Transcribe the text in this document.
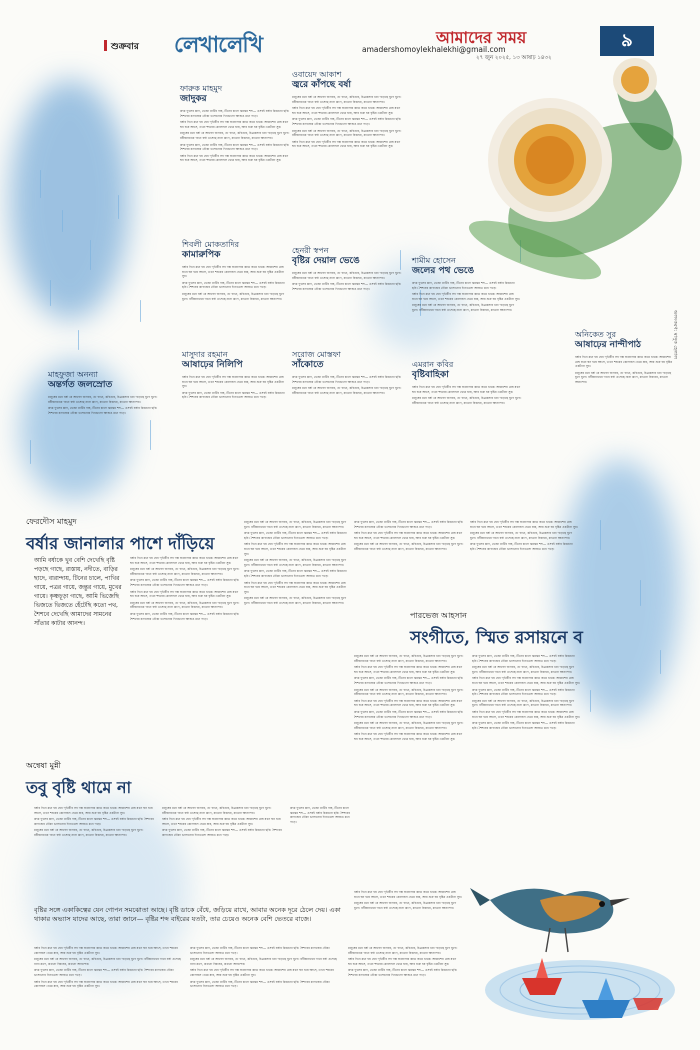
শুক্রবার লেখালেখি	আমাদের সময়
amadershomoylekhalekhi@gmail.com
২৭ জুন ২০২৫, ১৩ আষাঢ় ১৪৩২
৯
অলংকরণ: মাসুক হেলাল
ফারুক মাহমুদ
জাদুকর

কদম ফুলের ঘ্রাণ, ভেজা মাটির গন্ধ, টিনের চালে ঝমঝম শব্দ— এসবই বর্ষার চিরচেনা ছবি। শৈশবের কাগজের নৌকা ভাসানোর দিনগুলো আজও মনে পড়ে।

বর্ষার দিনে মনে হয় যেন পৃথিবীর সব গল্প জানালার কাচে জমে থাকে। আকাশের মেঘ যখন ঘন হয়ে আসে, তখন শহরের কোলাহল থেমে যায়, আর শুরু হয় বৃষ্টির একটানা সুর।

মানুষের মনে বর্ষা যে আবেগ জাগায়, তা গানে, কবিতায়, চিত্রকলায় ধরা পড়েছে যুগে যুগে। রবীন্দ্রনাথের গানে বর্ষা এসেছে নানা রূপে, কখনো বিরহের, কখনো আনন্দের।

কদম ফুলের ঘ্রাণ, ভেজা মাটির গন্ধ, টিনের চালে ঝমঝম শব্দ— এসবই বর্ষার চিরচেনা ছবি। শৈশবের কাগজের নৌকা ভাসানোর দিনগুলো আজও মনে পড়ে।

বর্ষার দিনে মনে হয় যেন পৃথিবীর সব গল্প জানালার কাচে জমে থাকে। আকাশের মেঘ যখন ঘন হয়ে আসে, তখন শহরের কোলাহল থেমে যায়, আর শুরু হয় বৃষ্টির একটানা সুর।

ওবায়েদ আকাশ
জ্বরে কাঁপছে বর্ষা

মানুষের মনে বর্ষা যে আবেগ জাগায়, তা গানে, কবিতায়, চিত্রকলায় ধরা পড়েছে যুগে যুগে। রবীন্দ্রনাথের গানে বর্ষা এসেছে নানা রূপে, কখনো বিরহের, কখনো আনন্দের।

বর্ষার দিনে মনে হয় যেন পৃথিবীর সব গল্প জানালার কাচে জমে থাকে। আকাশের মেঘ যখন ঘন হয়ে আসে, তখন শহরের কোলাহল থেমে যায়, আর শুরু হয় বৃষ্টির একটানা সুর।

কদম ফুলের ঘ্রাণ, ভেজা মাটির গন্ধ, টিনের চালে ঝমঝম শব্দ— এসবই বর্ষার চিরচেনা ছবি। শৈশবের কাগজের নৌকা ভাসানোর দিনগুলো আজও মনে পড়ে।

মানুষের মনে বর্ষা যে আবেগ জাগায়, তা গানে, কবিতায়, চিত্রকলায় ধরা পড়েছে যুগে যুগে। রবীন্দ্রনাথের গানে বর্ষা এসেছে নানা রূপে, কখনো বিরহের, কখনো আনন্দের।

বর্ষার দিনে মনে হয় যেন পৃথিবীর সব গল্প জানালার কাচে জমে থাকে। আকাশের মেঘ যখন ঘন হয়ে আসে, তখন শহরের কোলাহল থেমে যায়, আর শুরু হয় বৃষ্টির একটানা সুর।

শিবলী মোকতাদির
কামারুপিক

বর্ষার দিনে মনে হয় যেন পৃথিবীর সব গল্প জানালার কাচে জমে থাকে। আকাশের মেঘ যখন ঘন হয়ে আসে, তখন শহরের কোলাহল থেমে যায়, আর শুরু হয় বৃষ্টির একটানা সুর।

কদম ফুলের ঘ্রাণ, ভেজা মাটির গন্ধ, টিনের চালে ঝমঝম শব্দ— এসবই বর্ষার চিরচেনা ছবি। শৈশবের কাগজের নৌকা ভাসানোর দিনগুলো আজও মনে পড়ে।

মানুষের মনে বর্ষা যে আবেগ জাগায়, তা গানে, কবিতায়, চিত্রকলায় ধরা পড়েছে যুগে যুগে। রবীন্দ্রনাথের গানে বর্ষা এসেছে নানা রূপে, কখনো বিরহের, কখনো আনন্দের।

হেনরী স্বপন
বৃষ্টির দেয়াল ভেঙে

মানুষের মনে বর্ষা যে আবেগ জাগায়, তা গানে, কবিতায়, চিত্রকলায় ধরা পড়েছে যুগে যুগে। রবীন্দ্রনাথের গানে বর্ষা এসেছে নানা রূপে, কখনো বিরহের, কখনো আনন্দের।

কদম ফুলের ঘ্রাণ, ভেজা মাটির গন্ধ, টিনের চালে ঝমঝম শব্দ— এসবই বর্ষার চিরচেনা ছবি। শৈশবের কাগজের নৌকা ভাসানোর দিনগুলো আজও মনে পড়ে।

শামীম হোসেন
জলের পথ ভেঙে

কদম ফুলের ঘ্রাণ, ভেজা মাটির গন্ধ, টিনের চালে ঝমঝম শব্দ— এসবই বর্ষার চিরচেনা ছবি। শৈশবের কাগজের নৌকা ভাসানোর দিনগুলো আজও মনে পড়ে।

বর্ষার দিনে মনে হয় যেন পৃথিবীর সব গল্প জানালার কাচে জমে থাকে। আকাশের মেঘ যখন ঘন হয়ে আসে, তখন শহরের কোলাহল থেমে যায়, আর শুরু হয় বৃষ্টির একটানা সুর।

মানুষের মনে বর্ষা যে আবেগ জাগায়, তা গানে, কবিতায়, চিত্রকলায় ধরা পড়েছে যুগে যুগে। রবীন্দ্রনাথের গানে বর্ষা এসেছে নানা রূপে, কখনো বিরহের, কখনো আনন্দের।

অনিকেত সুর
আষাঢ়ের নান্দীপাঠ

বর্ষার দিনে মনে হয় যেন পৃথিবীর সব গল্প জানালার কাচে জমে থাকে। আকাশের মেঘ যখন ঘন হয়ে আসে, তখন শহরের কোলাহল থেমে যায়, আর শুরু হয় বৃষ্টির একটানা সুর।

মানুষের মনে বর্ষা যে আবেগ জাগায়, তা গানে, কবিতায়, চিত্রকলায় ধরা পড়েছে যুগে যুগে। রবীন্দ্রনাথের গানে বর্ষা এসেছে নানা রূপে, কখনো বিরহের, কখনো আনন্দের।

মাহফুজা অনন্যা
অন্তর্গত জলস্রোত

মানুষের মনে বর্ষা যে আবেগ জাগায়, তা গানে, কবিতায়, চিত্রকলায় ধরা পড়েছে যুগে যুগে। রবীন্দ্রনাথের গানে বর্ষা এসেছে নানা রূপে, কখনো বিরহের, কখনো আনন্দের।

কদম ফুলের ঘ্রাণ, ভেজা মাটির গন্ধ, টিনের চালে ঝমঝম শব্দ— এসবই বর্ষার চিরচেনা ছবি। শৈশবের কাগজের নৌকা ভাসানোর দিনগুলো আজও মনে পড়ে।

মাসুদার রহমান
আষাঢ়ের নিলিপি

বর্ষার দিনে মনে হয় যেন পৃথিবীর সব গল্প জানালার কাচে জমে থাকে। আকাশের মেঘ যখন ঘন হয়ে আসে, তখন শহরের কোলাহল থেমে যায়, আর শুরু হয় বৃষ্টির একটানা সুর।

কদম ফুলের ঘ্রাণ, ভেজা মাটির গন্ধ, টিনের চালে ঝমঝম শব্দ— এসবই বর্ষার চিরচেনা ছবি। শৈশবের কাগজের নৌকা ভাসানোর দিনগুলো আজও মনে পড়ে।

সরোজ মোস্তফা
সাঁকোতে

কদম ফুলের ঘ্রাণ, ভেজা মাটির গন্ধ, টিনের চালে ঝমঝম শব্দ— এসবই বর্ষার চিরচেনা ছবি। শৈশবের কাগজের নৌকা ভাসানোর দিনগুলো আজও মনে পড়ে।

মানুষের মনে বর্ষা যে আবেগ জাগায়, তা গানে, কবিতায়, চিত্রকলায় ধরা পড়েছে যুগে যুগে। রবীন্দ্রনাথের গানে বর্ষা এসেছে নানা রূপে, কখনো বিরহের, কখনো আনন্দের।

এমরান কবির
বৃষ্টিবাহিকা

বর্ষার দিনে মনে হয় যেন পৃথিবীর সব গল্প জানালার কাচে জমে থাকে। আকাশের মেঘ যখন ঘন হয়ে আসে, তখন শহরের কোলাহল থেমে যায়, আর শুরু হয় বৃষ্টির একটানা সুর।

মানুষের মনে বর্ষা যে আবেগ জাগায়, তা গানে, কবিতায়, চিত্রকলায় ধরা পড়েছে যুগে যুগে। রবীন্দ্রনাথের গানে বর্ষা এসেছে নানা রূপে, কখনো বিরহের, কখনো আনন্দের।

ফেরদৌস মাহমুদ
বর্ষার জানালার পাশে দাঁড়িয়ে

আমি বর্ষাকে খুব বেশি দেখেছি বৃষ্টি পড়ছে গাছে, রাস্তায়, নদীতে, বাড়ির ছাদে, বারান্দায়, টিনের চালে, পাখির গায়ে, পত্রর গায়ে, জন্তুর গায়ে, মুখের গায়ে। কৃষ্ণচূড়া গাছে, আমি ভিজেছি ভিজতে ভিজতে হেঁটেছি কতো পথ, শৈশবে দেখেছি আমাদের সামনের সাঁতার কাটার আনন্দ।

বর্ষার দিনে মনে হয় যেন পৃথিবীর সব গল্প জানালার কাচে জমে থাকে। আকাশের মেঘ যখন ঘন হয়ে আসে, তখন শহরের কোলাহল থেমে যায়, আর শুরু হয় বৃষ্টির একটানা সুর।

মানুষের মনে বর্ষা যে আবেগ জাগায়, তা গানে, কবিতায়, চিত্রকলায় ধরা পড়েছে যুগে যুগে। রবীন্দ্রনাথের গানে বর্ষা এসেছে নানা রূপে, কখনো বিরহের, কখনো আনন্দের।

কদম ফুলের ঘ্রাণ, ভেজা মাটির গন্ধ, টিনের চালে ঝমঝম শব্দ— এসবই বর্ষার চিরচেনা ছবি। শৈশবের কাগজের নৌকা ভাসানোর দিনগুলো আজও মনে পড়ে।

বর্ষার দিনে মনে হয় যেন পৃথিবীর সব গল্প জানালার কাচে জমে থাকে। আকাশের মেঘ যখন ঘন হয়ে আসে, তখন শহরের কোলাহল থেমে যায়, আর শুরু হয় বৃষ্টির একটানা সুর।

মানুষের মনে বর্ষা যে আবেগ জাগায়, তা গানে, কবিতায়, চিত্রকলায় ধরা পড়েছে যুগে যুগে। রবীন্দ্রনাথের গানে বর্ষা এসেছে নানা রূপে, কখনো বিরহের, কখনো আনন্দের।

কদম ফুলের ঘ্রাণ, ভেজা মাটির গন্ধ, টিনের চালে ঝমঝম শব্দ— এসবই বর্ষার চিরচেনা ছবি। শৈশবের কাগজের নৌকা ভাসানোর দিনগুলো আজও মনে পড়ে।

মানুষের মনে বর্ষা যে আবেগ জাগায়, তা গানে, কবিতায়, চিত্রকলায় ধরা পড়েছে যুগে যুগে। রবীন্দ্রনাথের গানে বর্ষা এসেছে নানা রূপে, কখনো বিরহের, কখনো আনন্দের।

কদম ফুলের ঘ্রাণ, ভেজা মাটির গন্ধ, টিনের চালে ঝমঝম শব্দ— এসবই বর্ষার চিরচেনা ছবি। শৈশবের কাগজের নৌকা ভাসানোর দিনগুলো আজও মনে পড়ে।

বর্ষার দিনে মনে হয় যেন পৃথিবীর সব গল্প জানালার কাচে জমে থাকে। আকাশের মেঘ যখন ঘন হয়ে আসে, তখন শহরের কোলাহল থেমে যায়, আর শুরু হয় বৃষ্টির একটানা সুর।

মানুষের মনে বর্ষা যে আবেগ জাগায়, তা গানে, কবিতায়, চিত্রকলায় ধরা পড়েছে যুগে যুগে। রবীন্দ্রনাথের গানে বর্ষা এসেছে নানা রূপে, কখনো বিরহের, কখনো আনন্দের।

কদম ফুলের ঘ্রাণ, ভেজা মাটির গন্ধ, টিনের চালে ঝমঝম শব্দ— এসবই বর্ষার চিরচেনা ছবি। শৈশবের কাগজের নৌকা ভাসানোর দিনগুলো আজও মনে পড়ে।

বর্ষার দিনে মনে হয় যেন পৃথিবীর সব গল্প জানালার কাচে জমে থাকে। আকাশের মেঘ যখন ঘন হয়ে আসে, তখন শহরের কোলাহল থেমে যায়, আর শুরু হয় বৃষ্টির একটানা সুর।

মানুষের মনে বর্ষা যে আবেগ জাগায়, তা গানে, কবিতায়, চিত্রকলায় ধরা পড়েছে যুগে যুগে। রবীন্দ্রনাথের গানে বর্ষা এসেছে নানা রূপে, কখনো বিরহের, কখনো আনন্দের।

কদম ফুলের ঘ্রাণ, ভেজা মাটির গন্ধ, টিনের চালে ঝমঝম শব্দ— এসবই বর্ষার চিরচেনা ছবি। শৈশবের কাগজের নৌকা ভাসানোর দিনগুলো আজও মনে পড়ে।

বর্ষার দিনে মনে হয় যেন পৃথিবীর সব গল্প জানালার কাচে জমে থাকে। আকাশের মেঘ যখন ঘন হয়ে আসে, তখন শহরের কোলাহল থেমে যায়, আর শুরু হয় বৃষ্টির একটানা সুর।

মানুষের মনে বর্ষা যে আবেগ জাগায়, তা গানে, কবিতায়, চিত্রকলায় ধরা পড়েছে যুগে যুগে। রবীন্দ্রনাথের গানে বর্ষা এসেছে নানা রূপে, কখনো বিরহের, কখনো আনন্দের।

বর্ষার দিনে মনে হয় যেন পৃথিবীর সব গল্প জানালার কাচে জমে থাকে। আকাশের মেঘ যখন ঘন হয়ে আসে, তখন শহরের কোলাহল থেমে যায়, আর শুরু হয় বৃষ্টির একটানা সুর।

মানুষের মনে বর্ষা যে আবেগ জাগায়, তা গানে, কবিতায়, চিত্রকলায় ধরা পড়েছে যুগে যুগে। রবীন্দ্রনাথের গানে বর্ষা এসেছে নানা রূপে, কখনো বিরহের, কখনো আনন্দের।

কদম ফুলের ঘ্রাণ, ভেজা মাটির গন্ধ, টিনের চালে ঝমঝম শব্দ— এসবই বর্ষার চিরচেনা ছবি। শৈশবের কাগজের নৌকা ভাসানোর দিনগুলো আজও মনে পড়ে।

পারভেজ আহসান
সংগীতে, স্মিত রসায়নে ব

মানুষের মনে বর্ষা যে আবেগ জাগায়, তা গানে, কবিতায়, চিত্রকলায় ধরা পড়েছে যুগে যুগে। রবীন্দ্রনাথের গানে বর্ষা এসেছে নানা রূপে, কখনো বিরহের, কখনো আনন্দের।

বর্ষার দিনে মনে হয় যেন পৃথিবীর সব গল্প জানালার কাচে জমে থাকে। আকাশের মেঘ যখন ঘন হয়ে আসে, তখন শহরের কোলাহল থেমে যায়, আর শুরু হয় বৃষ্টির একটানা সুর।

কদম ফুলের ঘ্রাণ, ভেজা মাটির গন্ধ, টিনের চালে ঝমঝম শব্দ— এসবই বর্ষার চিরচেনা ছবি। শৈশবের কাগজের নৌকা ভাসানোর দিনগুলো আজও মনে পড়ে।

মানুষের মনে বর্ষা যে আবেগ জাগায়, তা গানে, কবিতায়, চিত্রকলায় ধরা পড়েছে যুগে যুগে। রবীন্দ্রনাথের গানে বর্ষা এসেছে নানা রূপে, কখনো বিরহের, কখনো আনন্দের।

বর্ষার দিনে মনে হয় যেন পৃথিবীর সব গল্প জানালার কাচে জমে থাকে। আকাশের মেঘ যখন ঘন হয়ে আসে, তখন শহরের কোলাহল থেমে যায়, আর শুরু হয় বৃষ্টির একটানা সুর।

কদম ফুলের ঘ্রাণ, ভেজা মাটির গন্ধ, টিনের চালে ঝমঝম শব্দ— এসবই বর্ষার চিরচেনা ছবি। শৈশবের কাগজের নৌকা ভাসানোর দিনগুলো আজও মনে পড়ে।

মানুষের মনে বর্ষা যে আবেগ জাগায়, তা গানে, কবিতায়, চিত্রকলায় ধরা পড়েছে যুগে যুগে। রবীন্দ্রনাথের গানে বর্ষা এসেছে নানা রূপে, কখনো বিরহের, কখনো আনন্দের।

বর্ষার দিনে মনে হয় যেন পৃথিবীর সব গল্প জানালার কাচে জমে থাকে। আকাশের মেঘ যখন ঘন হয়ে আসে, তখন শহরের কোলাহল থেমে যায়, আর শুরু হয় বৃষ্টির একটানা সুর।

কদম ফুলের ঘ্রাণ, ভেজা মাটির গন্ধ, টিনের চালে ঝমঝম শব্দ— এসবই বর্ষার চিরচেনা ছবি। শৈশবের কাগজের নৌকা ভাসানোর দিনগুলো আজও মনে পড়ে।

মানুষের মনে বর্ষা যে আবেগ জাগায়, তা গানে, কবিতায়, চিত্রকলায় ধরা পড়েছে যুগে যুগে। রবীন্দ্রনাথের গানে বর্ষা এসেছে নানা রূপে, কখনো বিরহের, কখনো আনন্দের।

বর্ষার দিনে মনে হয় যেন পৃথিবীর সব গল্প জানালার কাচে জমে থাকে। আকাশের মেঘ যখন ঘন হয়ে আসে, তখন শহরের কোলাহল থেমে যায়, আর শুরু হয় বৃষ্টির একটানা সুর।

কদম ফুলের ঘ্রাণ, ভেজা মাটির গন্ধ, টিনের চালে ঝমঝম শব্দ— এসবই বর্ষার চিরচেনা ছবি। শৈশবের কাগজের নৌকা ভাসানোর দিনগুলো আজও মনে পড়ে।

মানুষের মনে বর্ষা যে আবেগ জাগায়, তা গানে, কবিতায়, চিত্রকলায় ধরা পড়েছে যুগে যুগে। রবীন্দ্রনাথের গানে বর্ষা এসেছে নানা রূপে, কখনো বিরহের, কখনো আনন্দের।

বর্ষার দিনে মনে হয় যেন পৃথিবীর সব গল্প জানালার কাচে জমে থাকে। আকাশের মেঘ যখন ঘন হয়ে আসে, তখন শহরের কোলাহল থেমে যায়, আর শুরু হয় বৃষ্টির একটানা সুর।

কদম ফুলের ঘ্রাণ, ভেজা মাটির গন্ধ, টিনের চালে ঝমঝম শব্দ— এসবই বর্ষার চিরচেনা ছবি। শৈশবের কাগজের নৌকা ভাসানোর দিনগুলো আজও মনে পড়ে।

অন্বেষা মুন্নী
তবু বৃষ্টি থামে না

বর্ষার দিনে মনে হয় যেন পৃথিবীর সব গল্প জানালার কাচে জমে থাকে। আকাশের মেঘ যখন ঘন হয়ে আসে, তখন শহরের কোলাহল থেমে যায়, আর শুরু হয় বৃষ্টির একটানা সুর।

কদম ফুলের ঘ্রাণ, ভেজা মাটির গন্ধ, টিনের চালে ঝমঝম শব্দ— এসবই বর্ষার চিরচেনা ছবি। শৈশবের কাগজের নৌকা ভাসানোর দিনগুলো আজও মনে পড়ে।

মানুষের মনে বর্ষা যে আবেগ জাগায়, তা গানে, কবিতায়, চিত্রকলায় ধরা পড়েছে যুগে যুগে। রবীন্দ্রনাথের গানে বর্ষা এসেছে নানা রূপে, কখনো বিরহের, কখনো আনন্দের।

মানুষের মনে বর্ষা যে আবেগ জাগায়, তা গানে, কবিতায়, চিত্রকলায় ধরা পড়েছে যুগে যুগে। রবীন্দ্রনাথের গানে বর্ষা এসেছে নানা রূপে, কখনো বিরহের, কখনো আনন্দের।

বর্ষার দিনে মনে হয় যেন পৃথিবীর সব গল্প জানালার কাচে জমে থাকে। আকাশের মেঘ যখন ঘন হয়ে আসে, তখন শহরের কোলাহল থেমে যায়, আর শুরু হয় বৃষ্টির একটানা সুর।

কদম ফুলের ঘ্রাণ, ভেজা মাটির গন্ধ, টিনের চালে ঝমঝম শব্দ— এসবই বর্ষার চিরচেনা ছবি। শৈশবের কাগজের নৌকা ভাসানোর দিনগুলো আজও মনে পড়ে।

কদম ফুলের ঘ্রাণ, ভেজা মাটির গন্ধ, টিনের চালে ঝমঝম শব্দ— এসবই বর্ষার চিরচেনা ছবি। শৈশবের কাগজের নৌকা ভাসানোর দিনগুলো আজও মনে পড়ে।

বৃষ্টির সঙ্গে একাকিত্বের যেন গোপন সমঝোতা আছে। বৃষ্টি ডাকে বেঁধে, জড়িয়ে রাখে, আবার অনেক দূরে ঠেলে দেয়। একা থাকার অভ্যাস যাদের আছে, তারা জানে— বৃষ্টির শব্দ বাইরের যতটা, তার চেয়েও অনেক বেশি ভেতরে বাজে।

বর্ষার দিনে মনে হয় যেন পৃথিবীর সব গল্প জানালার কাচে জমে থাকে। আকাশের মেঘ যখন ঘন হয়ে আসে, তখন শহরের কোলাহল থেমে যায়, আর শুরু হয় বৃষ্টির একটানা সুর।

মানুষের মনে বর্ষা যে আবেগ জাগায়, তা গানে, কবিতায়, চিত্রকলায় ধরা পড়েছে যুগে যুগে। রবীন্দ্রনাথের গানে বর্ষা এসেছে নানা রূপে, কখনো বিরহের, কখনো আনন্দের।

কদম ফুলের ঘ্রাণ, ভেজা মাটির গন্ধ, টিনের চালে ঝমঝম শব্দ— এসবই বর্ষার চিরচেনা ছবি। শৈশবের কাগজের নৌকা ভাসানোর দিনগুলো আজও মনে পড়ে।

বর্ষার দিনে মনে হয় যেন পৃথিবীর সব গল্প জানালার কাচে জমে থাকে। আকাশের মেঘ যখন ঘন হয়ে আসে, তখন শহরের কোলাহল থেমে যায়, আর শুরু হয় বৃষ্টির একটানা সুর।

কদম ফুলের ঘ্রাণ, ভেজা মাটির গন্ধ, টিনের চালে ঝমঝম শব্দ— এসবই বর্ষার চিরচেনা ছবি। শৈশবের কাগজের নৌকা ভাসানোর দিনগুলো আজও মনে পড়ে।

মানুষের মনে বর্ষা যে আবেগ জাগায়, তা গানে, কবিতায়, চিত্রকলায় ধরা পড়েছে যুগে যুগে। রবীন্দ্রনাথের গানে বর্ষা এসেছে নানা রূপে, কখনো বিরহের, কখনো আনন্দের।

বর্ষার দিনে মনে হয় যেন পৃথিবীর সব গল্প জানালার কাচে জমে থাকে। আকাশের মেঘ যখন ঘন হয়ে আসে, তখন শহরের কোলাহল থেমে যায়, আর শুরু হয় বৃষ্টির একটানা সুর।

কদম ফুলের ঘ্রাণ, ভেজা মাটির গন্ধ, টিনের চালে ঝমঝম শব্দ— এসবই বর্ষার চিরচেনা ছবি। শৈশবের কাগজের নৌকা ভাসানোর দিনগুলো আজও মনে পড়ে।

মানুষের মনে বর্ষা যে আবেগ জাগায়, তা গানে, কবিতায়, চিত্রকলায় ধরা পড়েছে যুগে যুগে। রবীন্দ্রনাথের গানে বর্ষা এসেছে নানা রূপে, কখনো বিরহের, কখনো আনন্দের।

বর্ষার দিনে মনে হয় যেন পৃথিবীর সব গল্প জানালার কাচে জমে থাকে। আকাশের মেঘ যখন ঘন হয়ে আসে, তখন শহরের কোলাহল থেমে যায়, আর শুরু হয় বৃষ্টির একটানা সুর।

কদম ফুলের ঘ্রাণ, ভেজা মাটির গন্ধ, টিনের চালে ঝমঝম শব্দ— এসবই বর্ষার চিরচেনা ছবি। শৈশবের কাগজের নৌকা ভাসানোর দিনগুলো আজও মনে পড়ে।

বর্ষার দিনে মনে হয় যেন পৃথিবীর সব গল্প জানালার কাচে জমে থাকে। আকাশের মেঘ যখন ঘন হয়ে আসে, তখন শহরের কোলাহল থেমে যায়, আর শুরু হয় বৃষ্টির একটানা সুর।

মানুষের মনে বর্ষা যে আবেগ জাগায়, তা গানে, কবিতায়, চিত্রকলায় ধরা পড়েছে যুগে যুগে। রবীন্দ্রনাথের গানে বর্ষা এসেছে নানা রূপে, কখনো বিরহের, কখনো আনন্দের।
